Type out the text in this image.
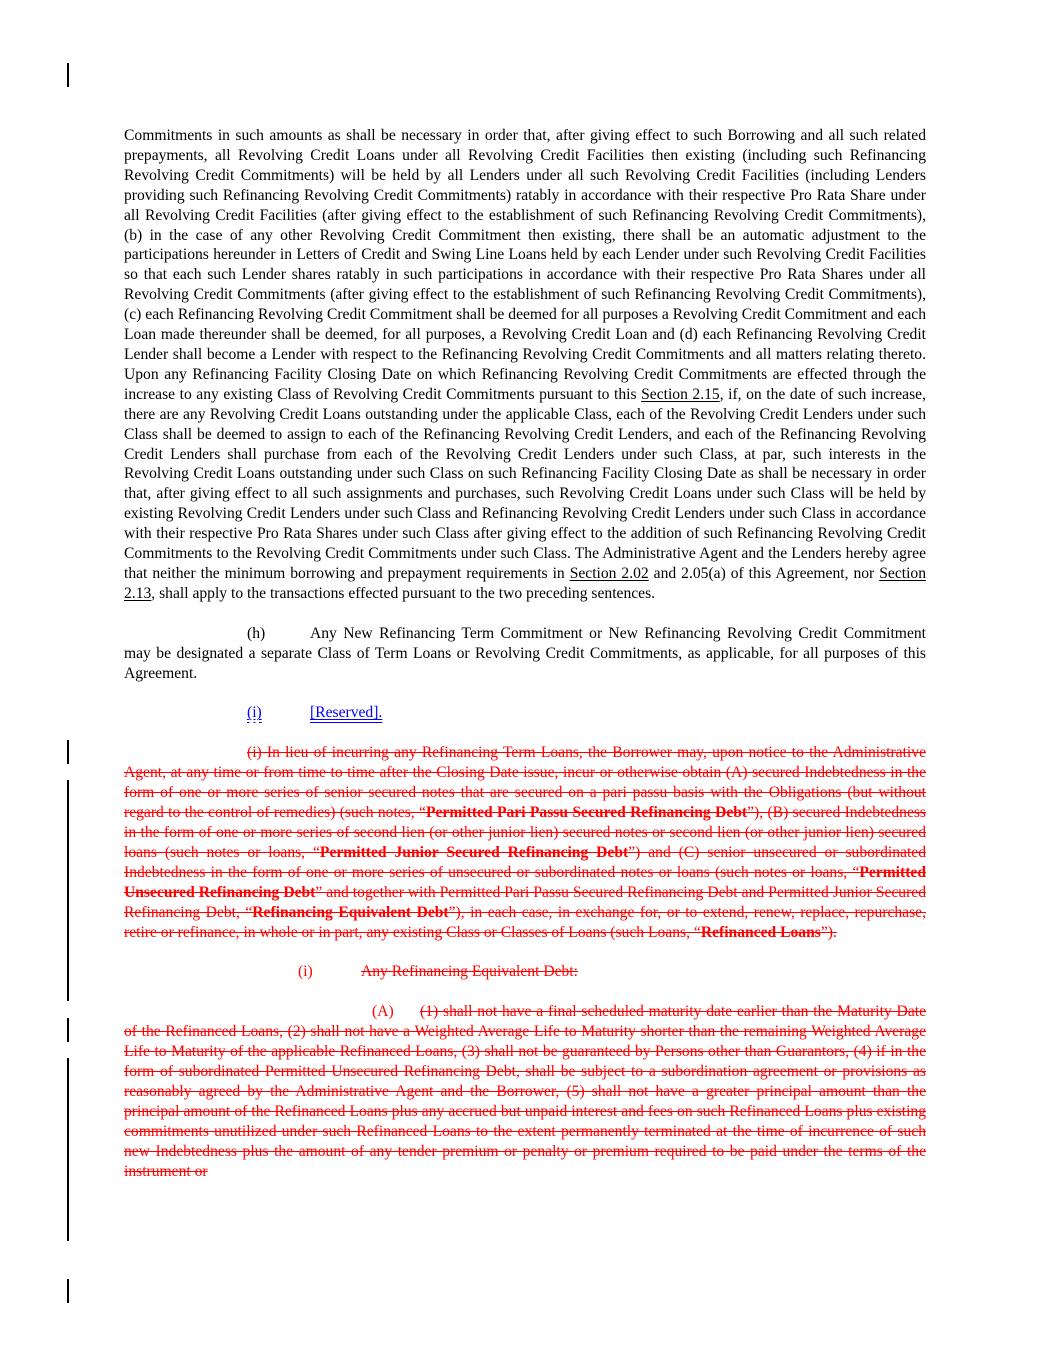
Commitments in such amounts as shall be necessary in order that, after giving effect to such Borrowing and all such related prepayments, all Revolving Credit Loans under all Revolving Credit Facilities then existing (including such Refinancing Revolving Credit Commitments) will be held by all Lenders under all such Revolving Credit Facilities (including Lenders providing such Refinancing Revolving Credit Commitments) ratably in accordance with their respective Pro Rata Share under all Revolving Credit Facilities (after giving effect to the establishment of such Refinancing Revolving Credit Commitments), (b) in the case of any other Revolving Credit Commitment then existing, there shall be an automatic adjustment to the participations hereunder in Letters of Credit and Swing Line Loans held by each Lender under such Revolving Credit Facilities so that each such Lender shares ratably in such participations in accordance with their respective Pro Rata Shares under all Revolving Credit Commitments (after giving effect to the establishment of such Refinancing Revolving Credit Commitments), (c) each Refinancing Revolving Credit Commitment shall be deemed for all purposes a Revolving Credit Commitment and each Loan made thereunder shall be deemed, for all purposes, a Revolving Credit Loan and (d) each Refinancing Revolving Credit Lender shall become a Lender with respect to the Refinancing Revolving Credit Commitments and all matters relating thereto. Upon any Refinancing Facility Closing Date on which Refinancing Revolving Credit Commitments are effected through the increase to any existing Class of Revolving Credit Commitments pursuant to this Section 2.15, if, on the date of such increase, there are any Revolving Credit Loans outstanding under the applicable Class, each of the Revolving Credit Lenders under such Class shall be deemed to assign to each of the Refinancing Revolving Credit Lenders, and each of the Refinancing Revolving Credit Lenders shall purchase from each of the Revolving Credit Lenders under such Class, at par, such interests in the Revolving Credit Loans outstanding under such Class on such Refinancing Facility Closing Date as shall be necessary in order that, after giving effect to all such assignments and purchases, such Revolving Credit Loans under such Class will be held by existing Revolving Credit Lenders under such Class and Refinancing Revolving Credit Lenders under such Class in accordance with their respective Pro Rata Shares under such Class after giving effect to the addition of such Refinancing Revolving Credit Commitments to the Revolving Credit Commitments under such Class. The Administrative Agent and the Lenders hereby agree that neither the minimum borrowing and prepayment requirements in Section 2.02 and 2.05(a) of this Agreement, nor Section 2.13, shall apply to the transactions effected pursuant to the two preceding sentences.

(h)	Any New Refinancing Term Commitment or New Refinancing Revolving Credit Commitment may be designated a separate Class of Term Loans or Revolving Credit Commitments, as applicable, for all purposes of this Agreement.

(i)	[Reserved].

(i) In lieu of incurring any Refinancing Term Loans, the Borrower may, upon notice to the Administrative Agent, at any time or from time to time after the Closing Date issue, incur or otherwise obtain (A) secured Indebtedness in the form of one or more series of senior secured notes that are secured on a pari passu basis with the Obligations (but without regard to the control of remedies) (such notes, “Permitted Pari Passu Secured Refinancing Debt”), (B) secured Indebtedness in the form of one or more series of second lien (or other junior lien) secured notes or second lien (or other junior lien) secured loans (such notes or loans, “Permitted Junior Secured Refinancing Debt”) and (C) senior unsecured or subordinated Indebtedness in the form of one or more series of unsecured or subordinated notes or loans (such notes or loans, “Permitted Unsecured Refinancing Debt” and together with Permitted Pari Passu Secured Refinancing Debt and Permitted Junior Secured Refinancing Debt, “Refinancing Equivalent Debt”), in each case, in exchange for, or to extend, renew, replace, repurchase, retire or refinance, in whole or in part, any existing Class or Classes of Loans (such Loans, “Refinanced Loans”).

(i)	Any Refinancing Equivalent Debt:

(A) (1) shall not have a final scheduled maturity date earlier than the Maturity Date of the Refinanced Loans, (2) shall not have a Weighted Average Life to Maturity shorter than the remaining Weighted Average Life to Maturity of the applicable Refinanced Loans, (3) shall not be guaranteed by Persons other than Guarantors, (4) if in the form of subordinated Permitted Unsecured Refinancing Debt, shall be subject to a subordination agreement or provisions as reasonably agreed by the Administrative Agent and the Borrower, (5) shall not have a greater principal amount than the principal amount of the Refinanced Loans plus any accrued but unpaid interest and fees on such Refinanced Loans plus existing commitments unutilized under such Refinanced Loans to the extent permanently terminated at the time of incurrence of such new Indebtedness plus the amount of any tender premium or penalty or premium required to be paid under the terms of the instrument or
